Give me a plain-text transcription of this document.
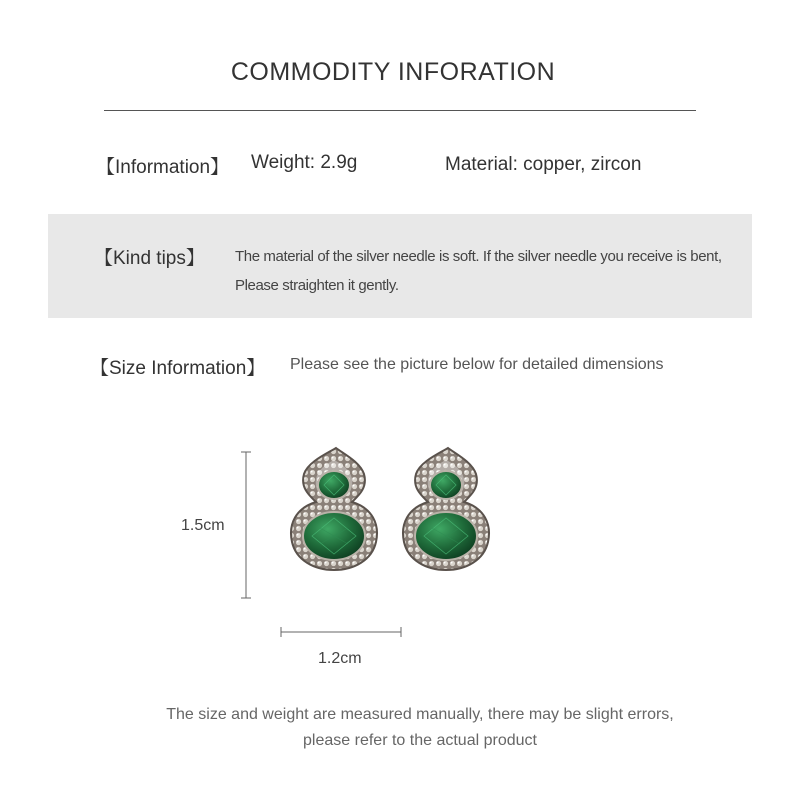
COMMODITY INFORATION
【Information】 Weight: 2.9g	Material: copper, zircon
【Kind tips】 The material of the silver needle is soft. If the silver needle you receive is bent,
Please straighten it gently.
【Size Information】 Please see the picture below for detailed dimensions
1.5cm
1.2cm
The size and weight are measured manually, there may be slight errors,
please refer to the actual product
